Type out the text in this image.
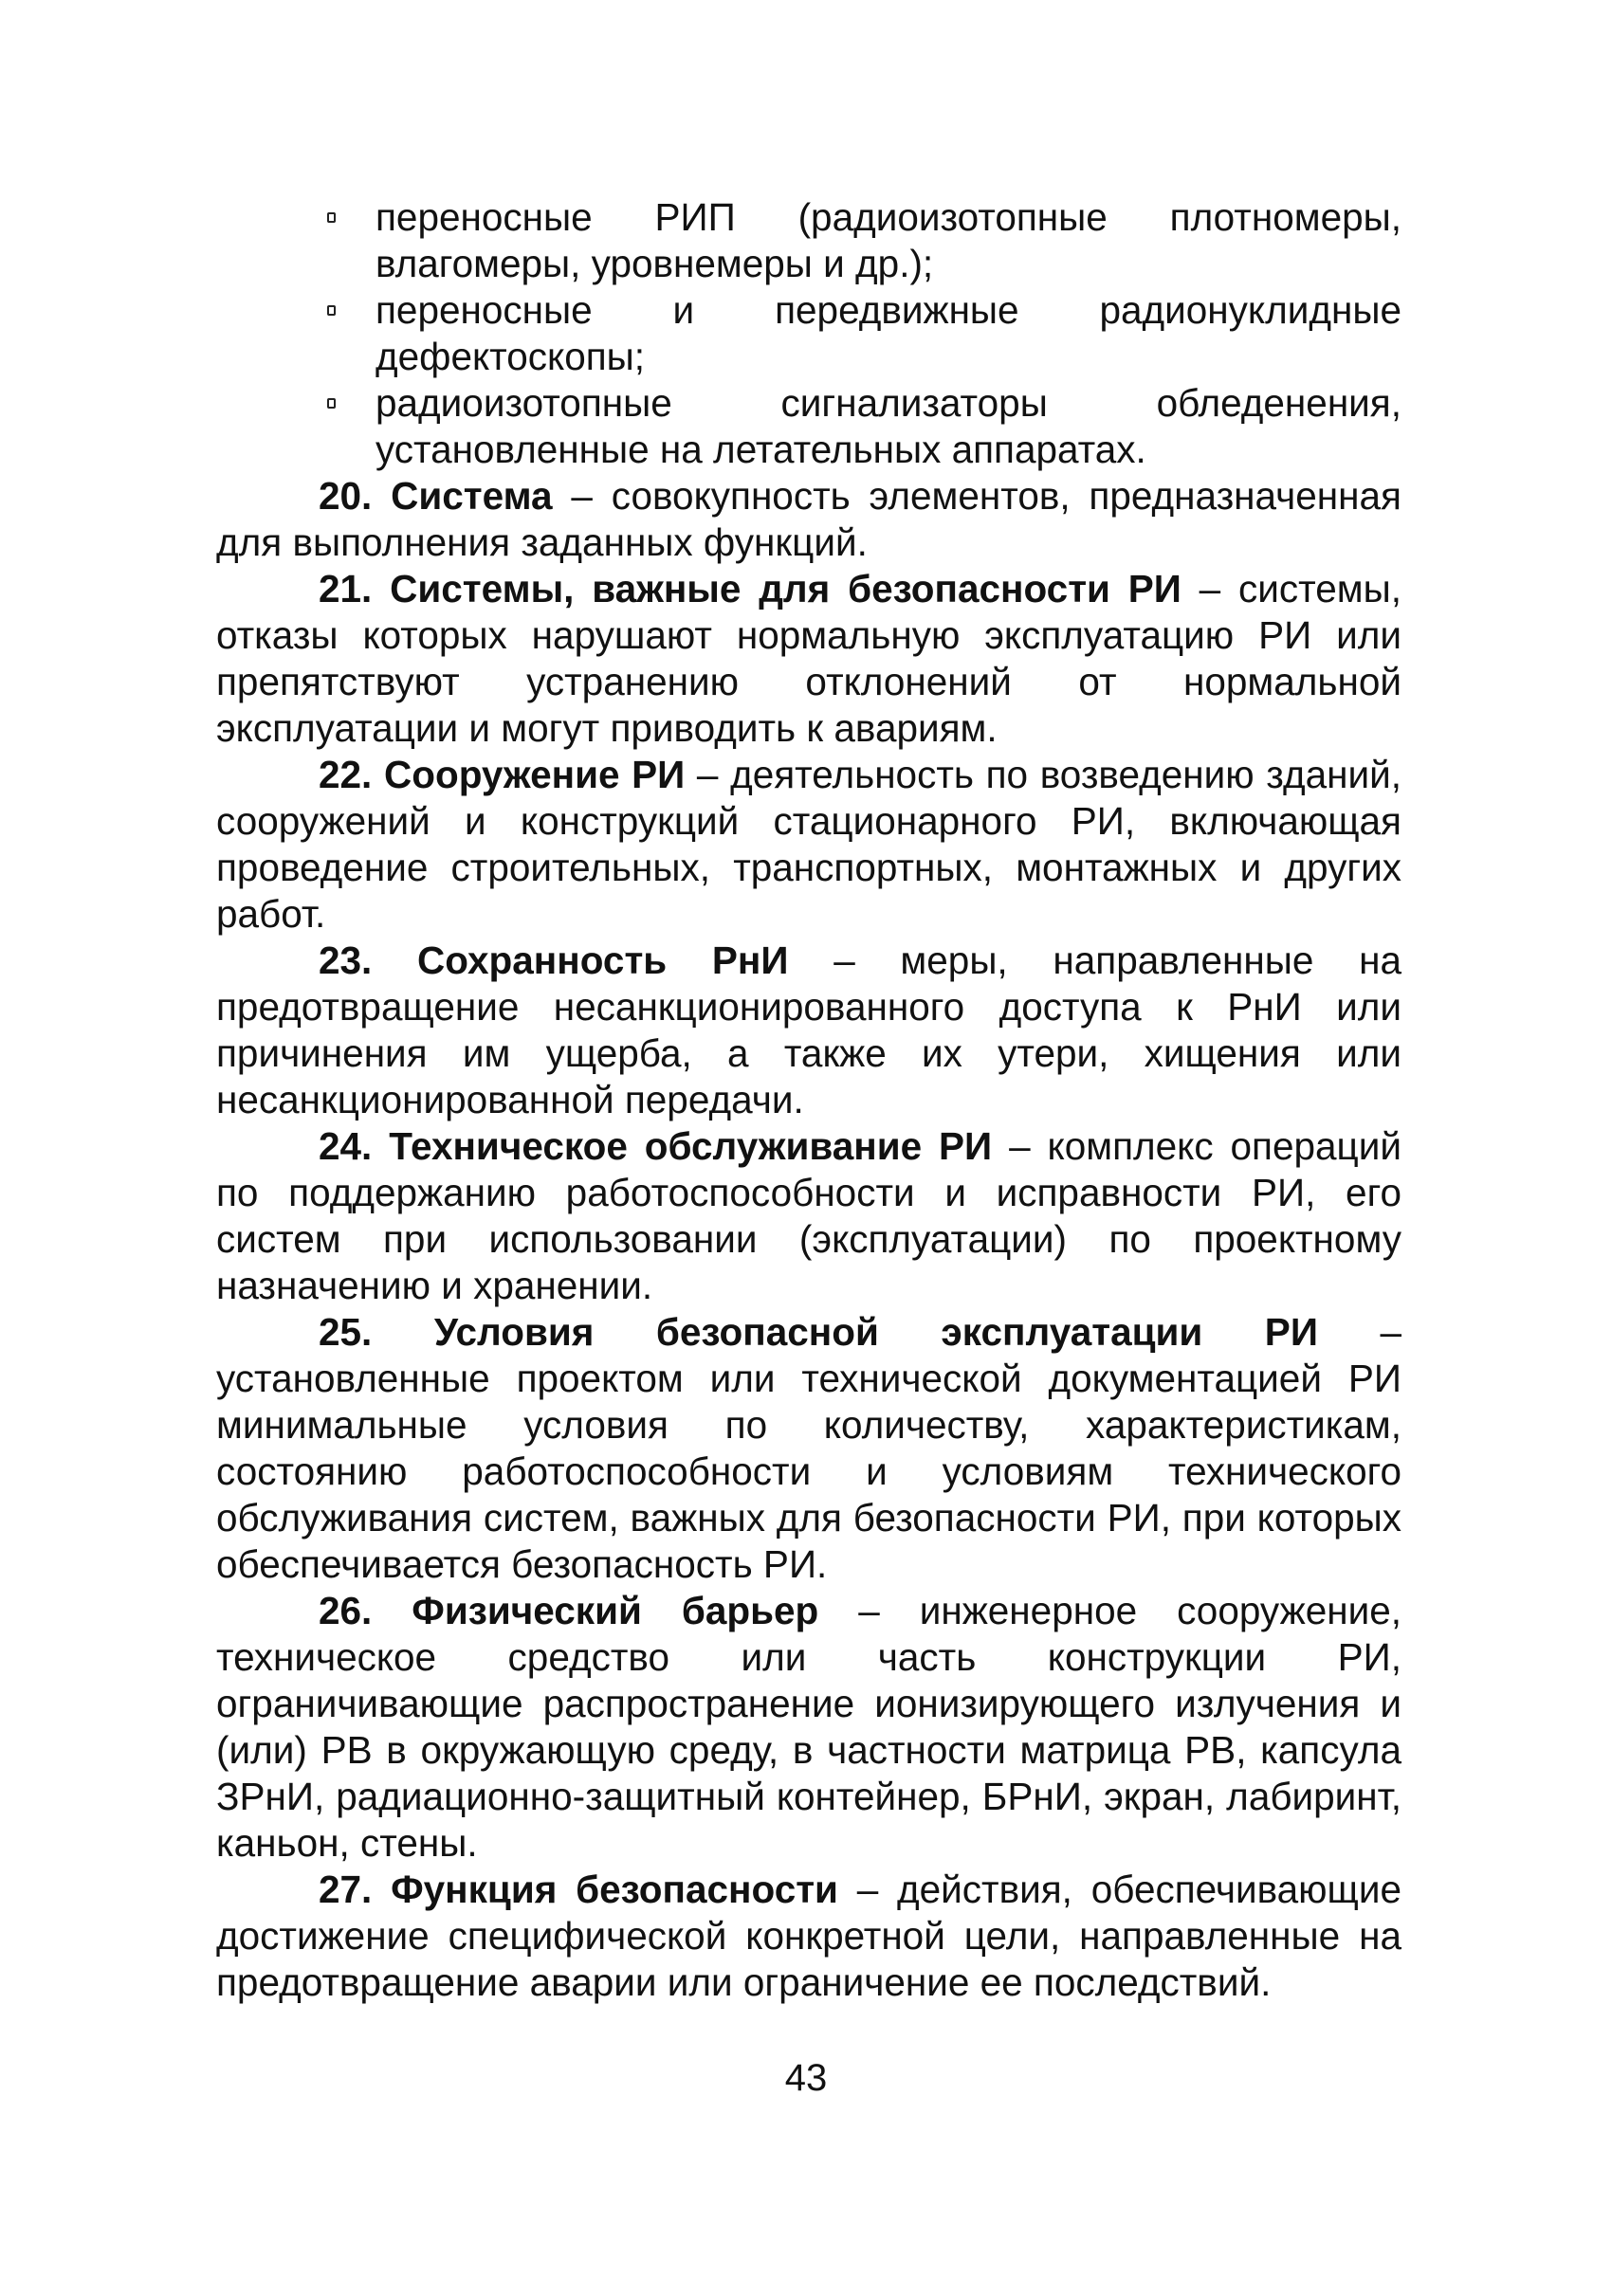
переносные РИП (радиоизотопные плотномеры, влагомеры, уровнемеры и др.);
переносные и передвижные радионуклидные дефектоскопы;
радиоизотопные сигнализаторы обледенения, установленные на летательных аппаратах.

20. Система – совокупность элементов, предназначенная для выполнения заданных функций.

21. Системы, важные для безопасности РИ – системы, отказы которых нарушают нормальную эксплуатацию РИ или препятствуют устранению отклонений от нормальной эксплуатации и могут приводить к авариям.

22. Сооружение РИ – деятельность по возведению зданий, сооружений и конструкций стационарного РИ, включающая проведение строительных, транспортных, монтажных и других работ.

23. Сохранность РнИ – меры, направленные на предотвращение несанкционированного доступа к РнИ или причинения им ущерба, а также их утери, хищения или несанкционированной передачи.

24. Техническое обслуживание РИ – комплекс операций по поддержанию работоспособности и исправности РИ, его систем при использовании (эксплуатации) по проектному назначению и хранении.

25. Условия безопасной эксплуатации РИ – установленные проектом или технической документацией РИ минимальные условия по количеству, характеристикам, состоянию работоспособности и условиям технического обслуживания систем, важных для безопасности РИ, при которых обеспечивается безопасность РИ.

26. Физический барьер – инженерное сооружение, техническое средство или часть конструкции РИ, ограничивающие распространение ионизирующего излучения и (или) РВ в окружающую среду, в частности матрица РВ, капсула ЗРнИ, радиационно-защитный контейнер, БРнИ, экран, лабиринт, каньон, стены.

27. Функция безопасности – действия, обеспечивающие достижение специфической конкретной цели, направленные на предотвращение аварии или ограничение ее последствий.

43
